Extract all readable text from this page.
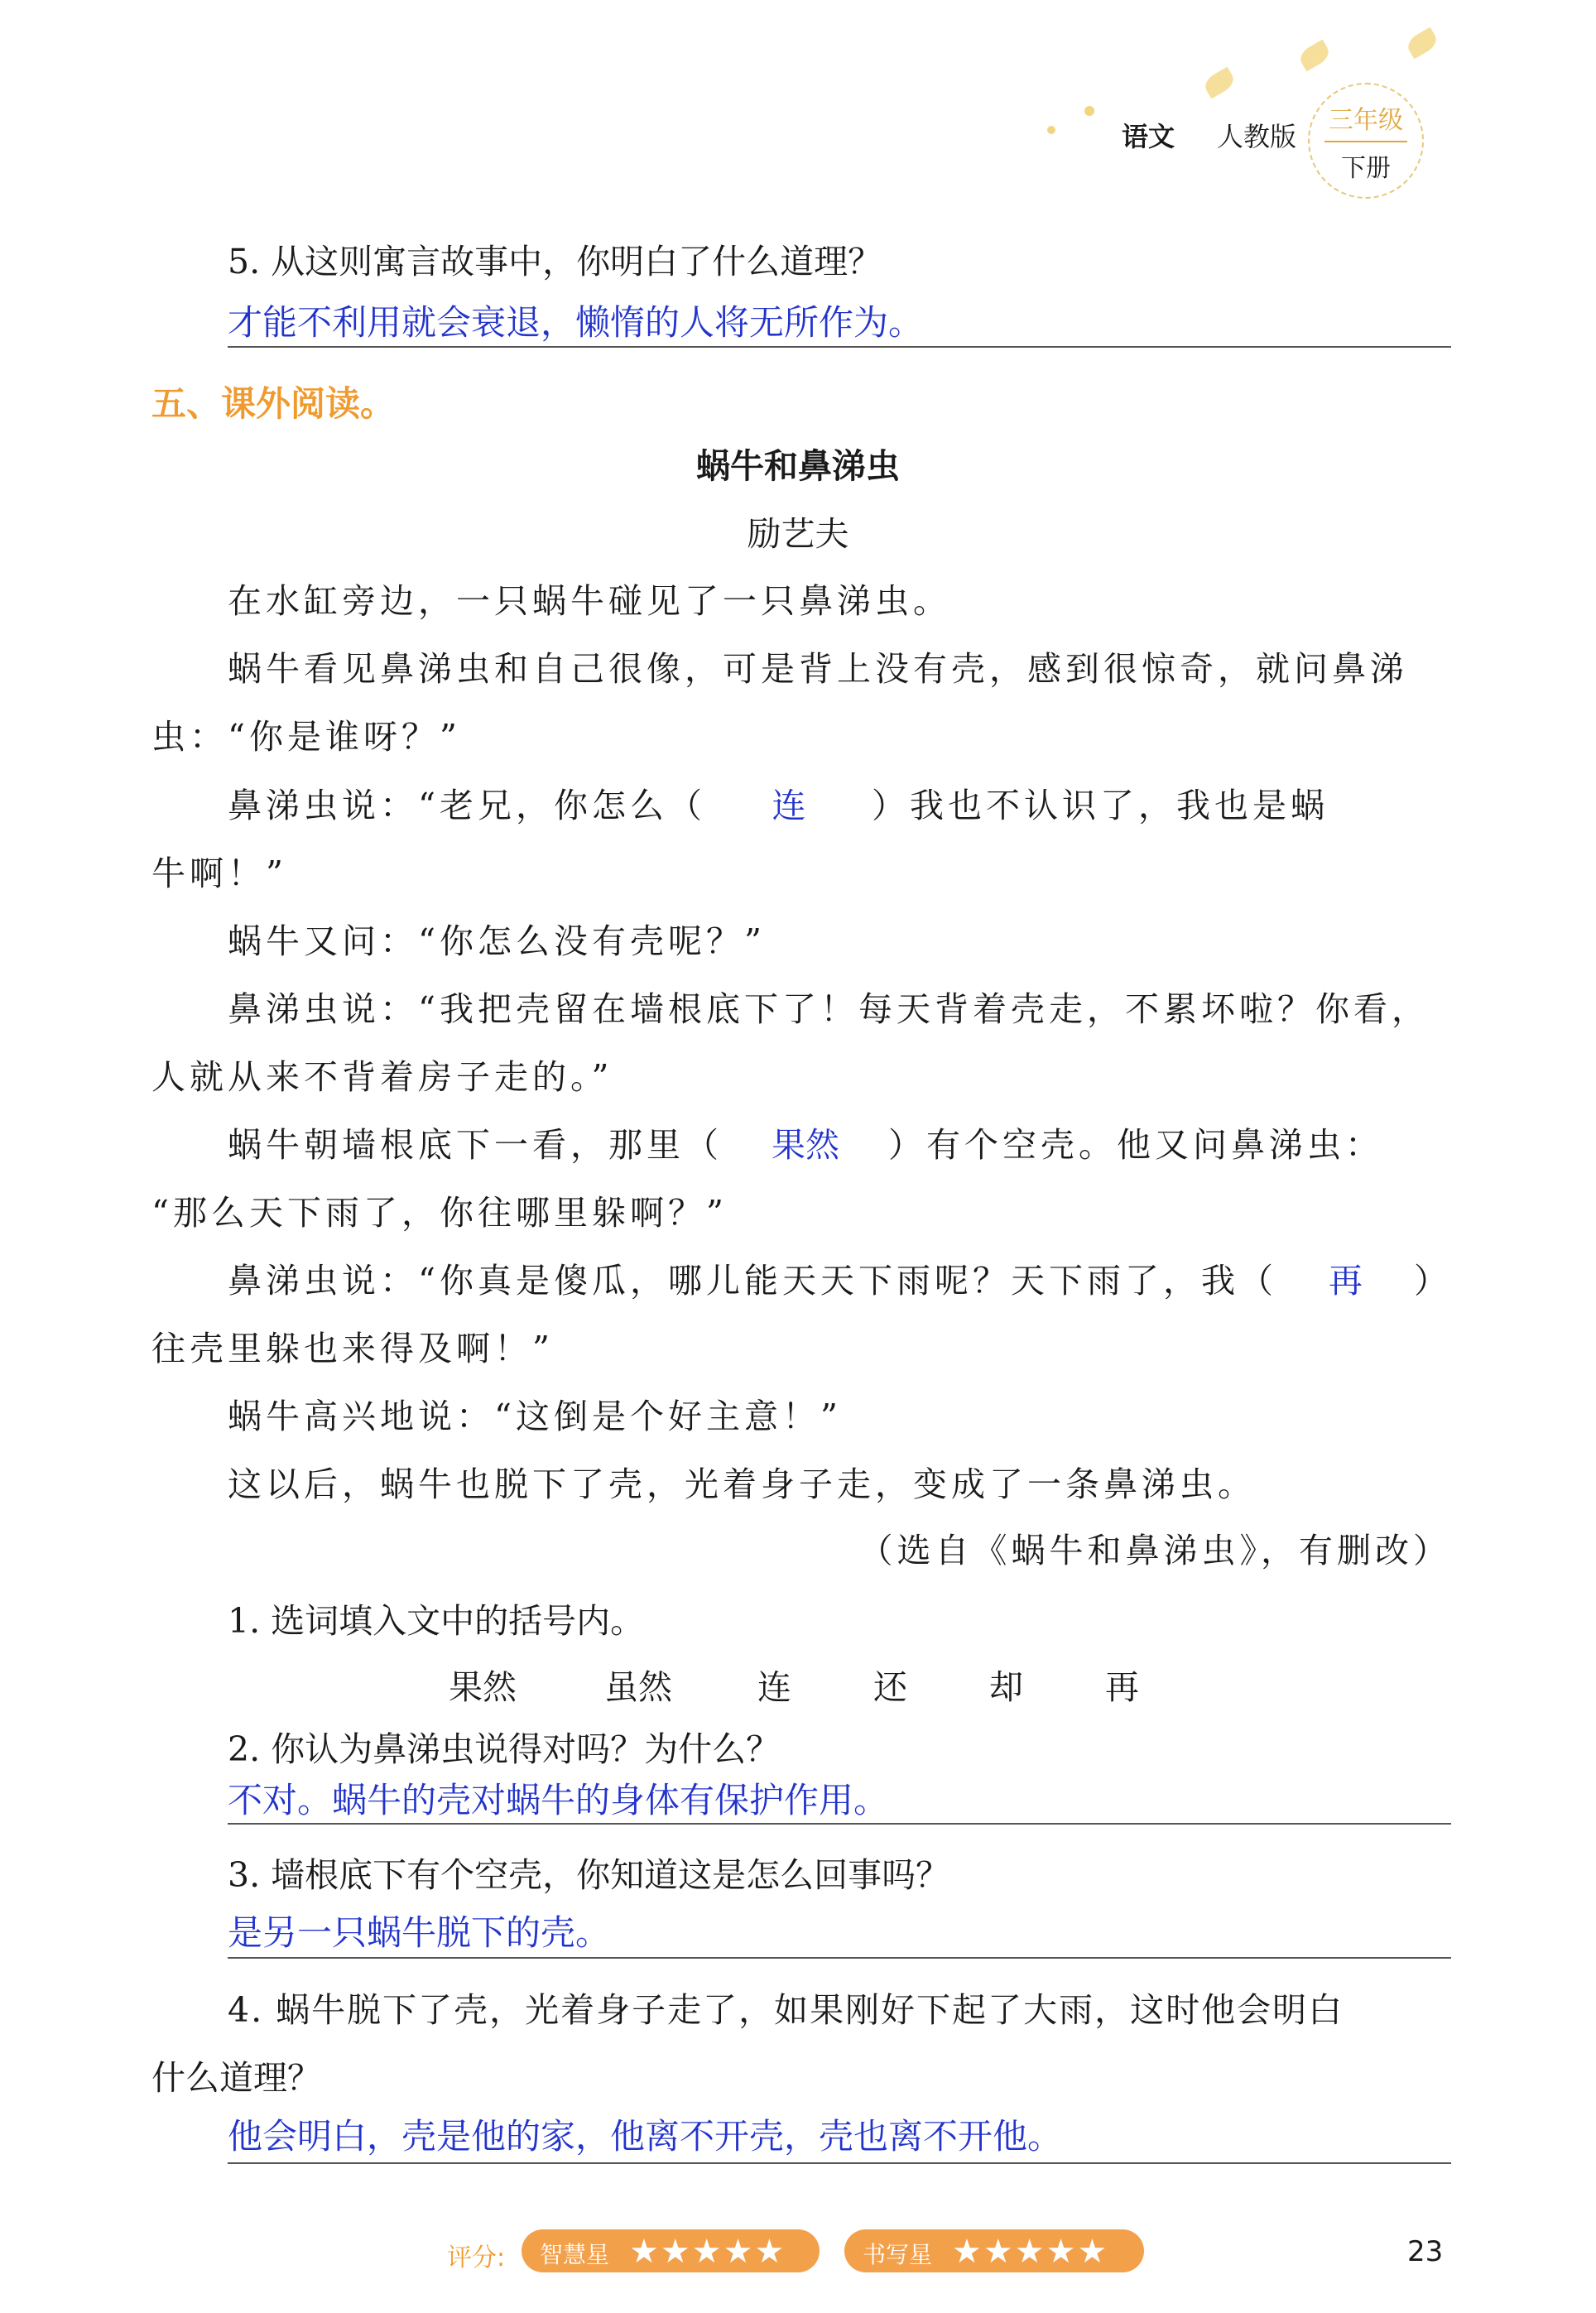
语文 人教版
三年级
下册
5. 从这则寓言故事中，你明白了什么道理？
才能不利用就会衰退，懒惰的人将无所作为。
五、课外阅读。
蜗牛和鼻涕虫
励艺夫
在水缸旁边，一只蜗牛碰见了一只鼻涕虫。
蜗牛看见鼻涕虫和自己很像，可是背上没有壳，感到很惊奇，就问鼻涕
虫：“你是谁呀？”
鼻涕虫说：“老兄，你怎么（ 连 ）我也不认识了，我也是蜗
牛啊！”
蜗牛又问：“你怎么没有壳呢？”
鼻涕虫说：“我把壳留在墙根底下了！每天背着壳走，不累坏啦？你看，
人就从来不背着房子走的。”
蜗牛朝墙根底下一看，那里（ 果然 ）有个空壳。他又问鼻涕虫：
“那么天下雨了，你往哪里躲啊？”
鼻涕虫说：“你真是傻瓜，哪儿能天天下雨呢？天下雨了，我（ 再 ）
往壳里躲也来得及啊！”
蜗牛高兴地说：“这倒是个好主意！”
这以后，蜗牛也脱下了壳，光着身子走，变成了一条鼻涕虫。
（选自《蜗牛和鼻涕虫》，有删改）
1. 选词填入文中的括号内。
果然	虽然	连 还 却 再
2. 你认为鼻涕虫说得对吗？为什么？
不对。蜗牛的壳对蜗牛的身体有保护作用。
3. 墙根底下有个空壳，你知道这是怎么回事吗？
是另一只蜗牛脱下的壳。
4. 蜗牛脱下了壳，光着身子走了，如果刚好下起了大雨，这时他会明白
什么道理？
他会明白，壳是他的家，他离不开壳，壳也离不开他。
评分: 智慧星 ★★★★★	书写星 ★★★★★	23
